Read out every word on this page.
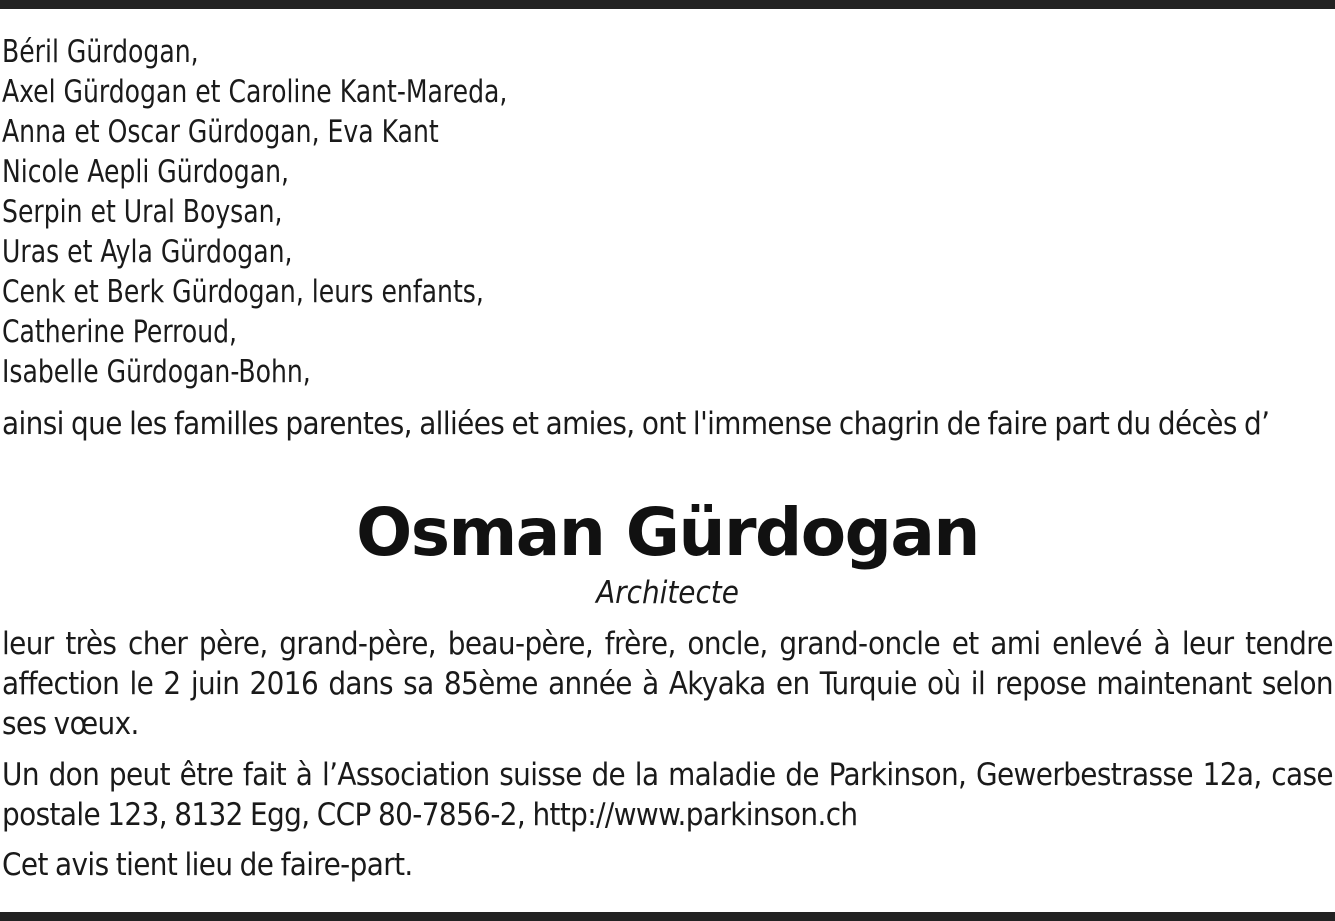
Béril Gürdogan,
Axel Gürdogan et Caroline Kant-Mareda,
Anna et Oscar Gürdogan, Eva Kant
Nicole Aepli Gürdogan,
Serpin et Ural Boysan,
Uras et Ayla Gürdogan,
Cenk et Berk Gürdogan, leurs enfants,
Catherine Perroud,
Isabelle Gürdogan-Bohn,

ainsi que les familles parentes, alliées et amies, ont l'immense chagrin de faire part du décès d’

Osman Gürdogan

Architecte

leur très cher père, grand-père, beau-père, frère, oncle, grand-oncle et ami enlevé à leur tendre affection le 2 juin 2016 dans sa 85ème année à Akyaka en Turquie où il repose maintenant selon ses vœux.

Un don peut être fait à l’Association suisse de la maladie de Parkinson, Gewerbestrasse 12a, case postale 123, 8132 Egg, CCP 80-7856-2, http://www.parkinson.ch

Cet avis tient lieu de faire-part.
